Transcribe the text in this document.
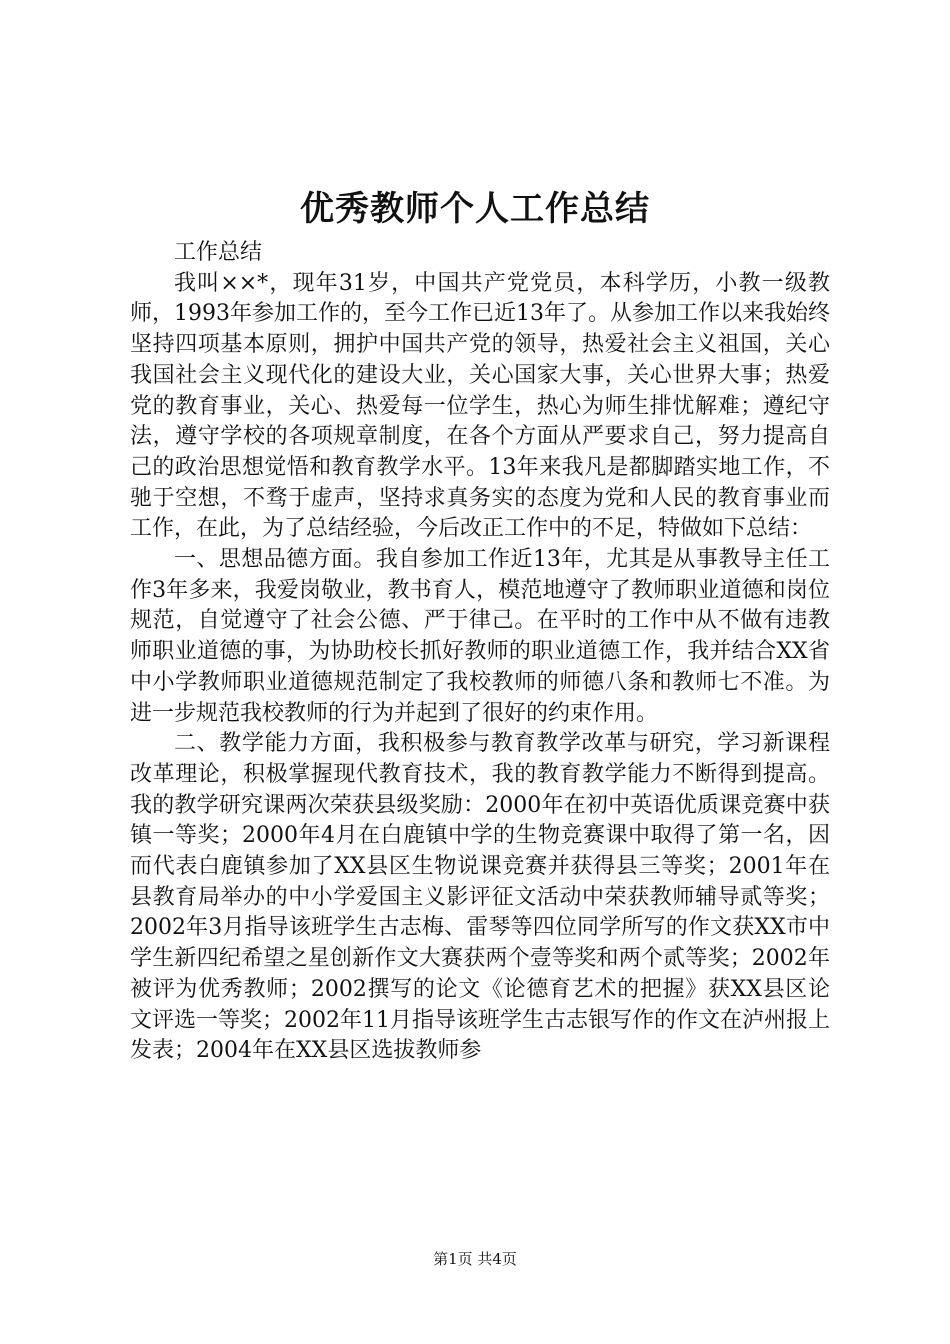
优秀教师个人工作总结

工作总结

我叫××*，现年31岁，中国共产党党员，本科学历，小教一级教师，1993年参加工作的，至今工作已近13年了。从参加工作以来我始终坚持四项基本原则，拥护中国共产党的领导，热爱社会主义祖国，关心我国社会主义现代化的建设大业，关心国家大事，关心世界大事；热爱党的教育事业，关心、热爱每一位学生，热心为师生排忧解难；遵纪守法，遵守学校的各项规章制度，在各个方面从严要求自己，努力提高自己的政治思想觉悟和教育教学水平。13年来我凡是都脚踏实地工作，不驰于空想，不骛于虚声，坚持求真务实的态度为党和人民的教育事业而工作，在此，为了总结经验，今后改正工作中的不足，特做如下总结：

一、思想品德方面。我自参加工作近13年，尤其是从事教导主任工作3年多来，我爱岗敬业，教书育人，模范地遵守了教师职业道德和岗位规范，自觉遵守了社会公德、严于律己。在平时的工作中从不做有违教师职业道德的事，为协助校长抓好教师的职业道德工作，我并结合XX省中小学教师职业道德规范制定了我校教师的师德八条和教师七不准。为进一步规范我校教师的行为并起到了很好的约束作用。

二、教学能力方面，我积极参与教育教学改革与研究，学习新课程改革理论，积极掌握现代教育技术，我的教育教学能力不断得到提高。我的教学研究课两次荣获县级奖励：2000年在初中英语优质课竞赛中获镇一等奖；2000年4月在白鹿镇中学的生物竞赛课中取得了第一名，因而代表白鹿镇参加了XX县区生物说课竞赛并获得县三等奖；2001年在县教育局举办的中小学爱国主义影评征文活动中荣获教师辅导贰等奖；2002年3月指导该班学生古志梅、雷琴等四位同学所写的作文获XX市中学生新四纪希望之星创新作文大赛获两个壹等奖和两个贰等奖；2002年被评为优秀教师；2002撰写的论文《论德育艺术的把握》获XX县区论文评选一等奖；2002年11月指导该班学生古志银写作的作文在泸州报上发表；2004年在XX县区选拔教师参

第1页 共4页
